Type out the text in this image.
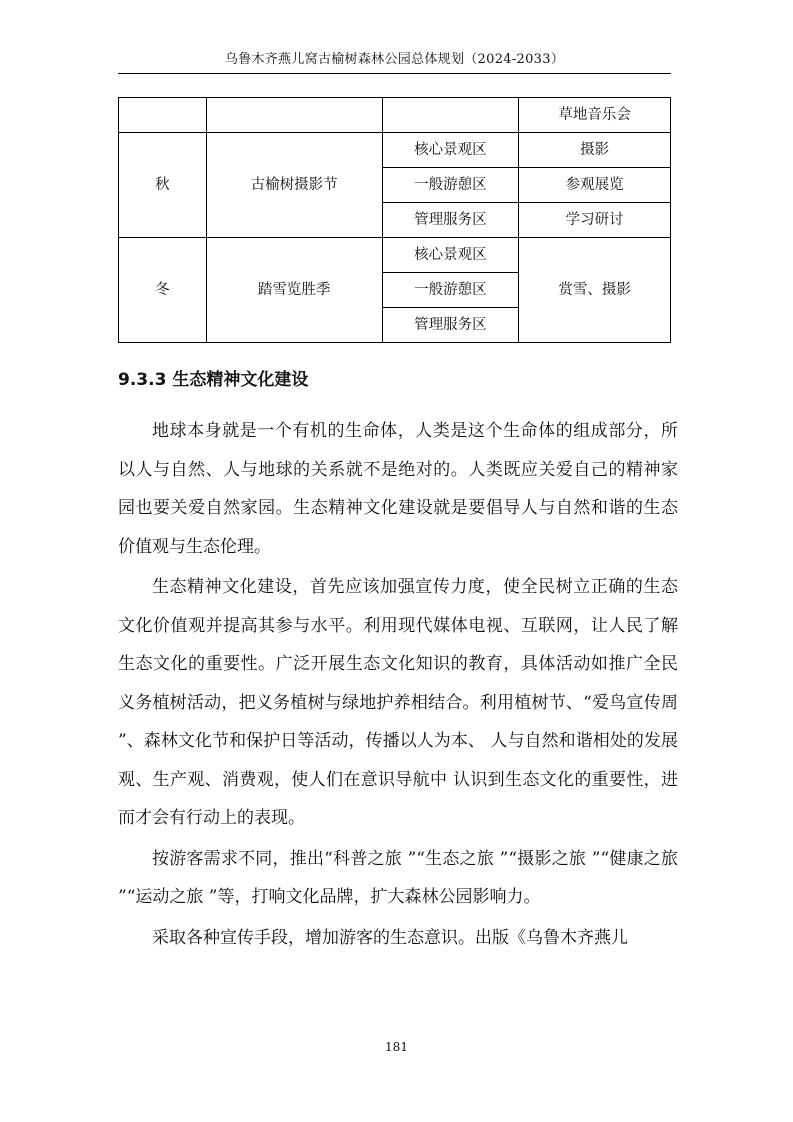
乌鲁木齐燕儿窝古榆树森林公园总体规划（2024-2033）
			草地音乐会
秋	古榆树摄影节	核心景观区	摄影
		一般游憩区	参观展览
		管理服务区	学习研讨
冬	踏雪览胜季	核心景观区	赏雪、摄影
		一般游憩区	
		管理服务区	
9.3.3 生态精神文化建设

地球本身就是一个有机的生命体，人类是这个生命体的组成部分，所以人与自然、人与地球的关系就不是绝对的。人类既应关爱自己的精神家园也要关爱自然家园。生态精神文化建设就是要倡导人与自然和谐的生态价值观与生态伦理。

生态精神文化建设，首先应该加强宣传力度，使全民树立正确的生态文化价值观并提高其参与水平。利用现代媒体电视、互联网，让人民了解生态文化的重要性。广泛开展生态文化知识的教育，具体活动如推广全民义务植树活动，把义务植树与绿地护养相结合。利用植树节、“爱鸟宣传周 ”、森林文化节和保护日等活动，传播以人为本、 人与自然和谐相处的发展观、生产观、消费观，使人们在意识导航中 认识到生态文化的重要性，进而才会有行动上的表现。

按游客需求不同，推出“科普之旅 ”“生态之旅 ”“摄影之旅 ”“健康之旅 ”“运动之旅 ”等，打响文化品牌，扩大森林公园影响力。

采取各种宣传手段，增加游客的生态意识。出版《乌鲁木齐燕儿

181
